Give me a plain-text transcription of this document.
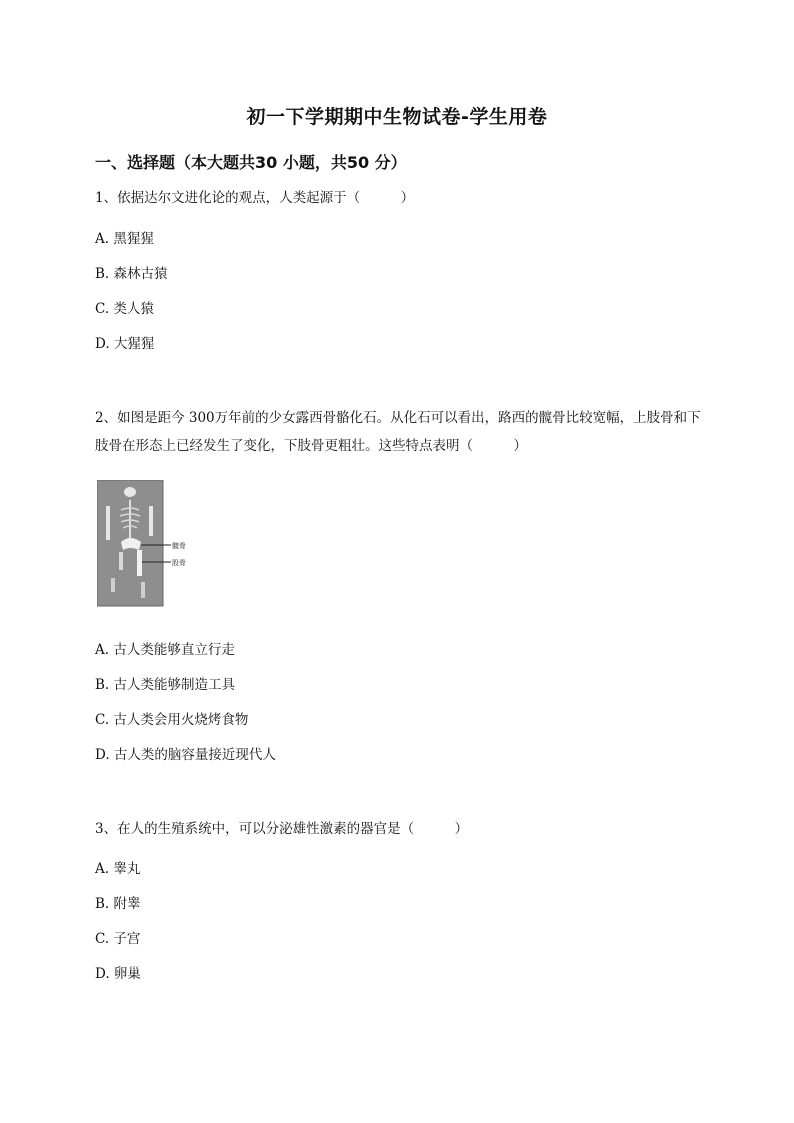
初一下学期期中生物试卷-学生用卷
一、选择题（本大题共30 小题，共50 分）
1、依据达尔文进化论的观点，人类起源于（　　　）
A. 黑猩猩
B. 森林古猿
C. 类人猿
D. 大猩猩
2、如图是距今 300万年前的少女露西骨骼化石。从化石可以看出，路西的髋骨比较宽幅，上肢骨和下肢骨在形态上已经发生了变化，下肢骨更粗壮。这些特点表明（　　　）
髋骨
股骨
A. 古人类能够直立行走
B. 古人类能够制造工具
C. 古人类会用火烧烤食物
D. 古人类的脑容量接近现代人
3、在人的生殖系统中，可以分泌雄性激素的器官是（　　　）
A. 睾丸
B. 附睾
C. 子宫
D. 卵巢
